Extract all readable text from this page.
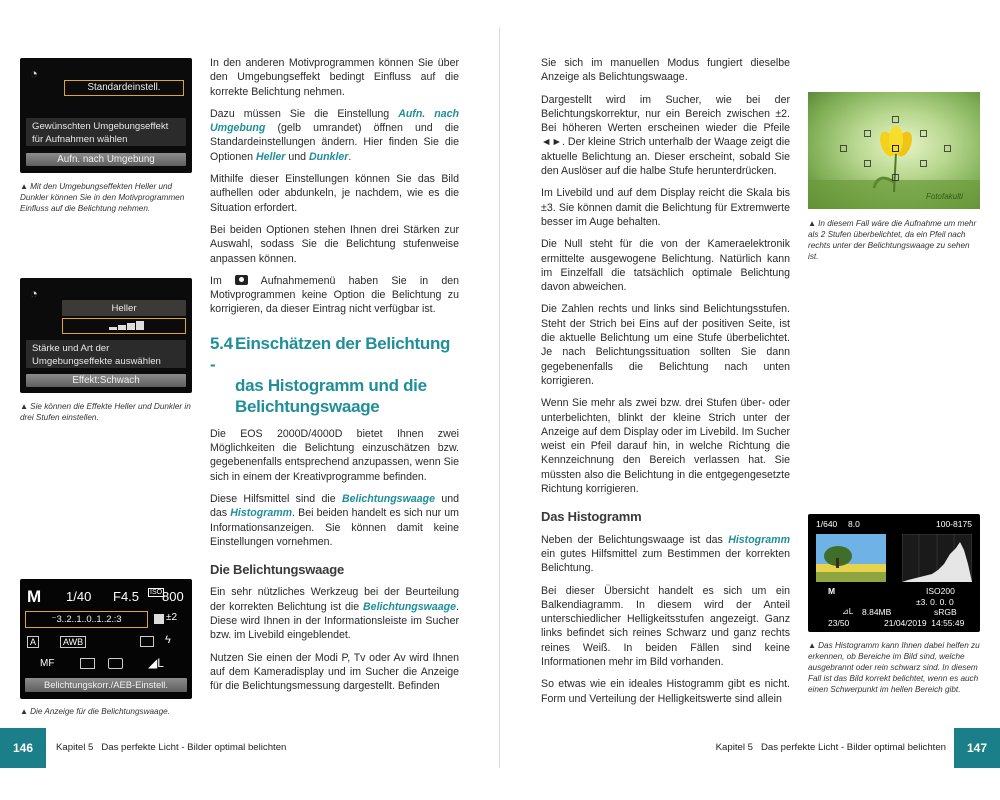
◔
Standardeinstell.
Gewünschten Umgebungseffekt für Aufnahmen wählen
Aufn. nach Umgebung
▲ Mit den Umgebungseffekten Heller und Dunkler können Sie in den Motivprogrammen Einfluss auf die Belichtung nehmen.
◔
Heller
Stärke und Art der Umgebungseffekte auswählen
Effekt:Schwach
▲ Sie können die Effekte Heller und Dunkler in drei Stufen einstellen.
M 1/40 F4.5 ISO 800
⁻3..2..1..0..1..2.:3	±2
A	AWB	ϟ
MF	◢L
Belichtungskorr./AEB-Einstell.
▲ Die Anzeige für die Belichtungswaage.

In den anderen Motivprogrammen können Sie über den Umgebungseffekt bedingt Einfluss auf die korrekte Belichtung nehmen.

Dazu müssen Sie die Einstellung Aufn. nach Umgebung (gelb umrandet) öffnen und die Standardeinstellungen ändern. Hier finden Sie die Optionen Heller und Dunkler.

Mithilfe dieser Einstellungen können Sie das Bild aufhellen oder abdunkeln, je nachdem, wie es die Situation erfordert.

Bei beiden Optionen stehen Ihnen drei Stärken zur Auswahl, sodass Sie die Belichtung stufenweise anpassen können.

Im
Aufnahmemenü haben Sie in den Motivprogrammen keine Option die Belichtung zu korrigieren, da dieser Eintrag nicht verfügbar ist.

5.4 Einschätzen der Belichtung -
das Histogramm und die
Belichtungswaage

Die EOS 2000D/4000D bietet Ihnen zwei Möglichkeiten die Belichtung einzuschätzen bzw. gegebenenfalls entsprechend anzupassen, wenn Sie sich in einem der Kreativprogramme befinden.

Diese Hilfsmittel sind die Belichtungswaage und das Histogramm. Bei beiden handelt es sich nur um Informationsanzeigen. Sie können damit keine Einstellungen vornehmen.

Die Belichtungswaage

Ein sehr nützliches Werkzeug bei der Beurteilung der korrekten Belichtung ist die Belichtungswaage. Diese wird Ihnen in der Informationsleiste im Sucher bzw. im Livebild eingeblendet.

Nutzen Sie einen der Modi P, Tv oder Av wird Ihnen auf dem Kameradisplay und im Sucher die Anzeige für die Belichtungsmessung dargestellt. Befinden

146	Kapitel 5   Das perfekte Licht - Bilder optimal belichten

Sie sich im manuellen Modus fungiert dieselbe Anzeige als Belichtungswaage.

Dargestellt wird im Sucher, wie bei der Belichtungskorrektur, nur ein Bereich zwischen ±2. Bei höheren Werten erscheinen wieder die Pfeile ◄►. Der kleine Strich unterhalb der Waage zeigt die aktuelle Belichtung an. Dieser erscheint, sobald Sie den Auslöser auf die halbe Stufe herunterdrücken.

Im Livebild und auf dem Display reicht die Skala bis ±3. Sie können damit die Belichtung für Extremwerte besser im Auge behalten.

Die Null steht für die von der Kameraelektronik ermittelte ausgewogene Belichtung. Natürlich kann im Einzelfall die tatsächlich optimale Belichtung davon abweichen.

Die Zahlen rechts und links sind Belichtungsstufen. Steht der Strich bei Eins auf der positiven Seite, ist die aktuelle Belichtung um eine Stufe überbelichtet. Je nach Belichtungssituation sollten Sie dann gegebenenfalls die Belichtung nach unten korrigieren.

Wenn Sie mehr als zwei bzw. drei Stufen über- oder unterbelichten, blinkt der kleine Strich unter der Anzeige auf dem Display oder im Livebild. Im Sucher weist ein Pfeil darauf hin, in welche Richtung die Kennzeichnung den Bereich verlassen hat. Sie müssten also die Belichtung in die entgegengesetzte Richtung korrigieren.

Das Histogramm

Neben der Belichtungswaage ist das Histogramm ein gutes Hilfsmittel zum Bestimmen der korrekten Belichtung.

Bei dieser Übersicht handelt es sich um ein Balkendiagramm. In diesem wird der Anteil unterschiedlicher Helligkeitsstufen angezeigt. Ganz links befindet sich reines Schwarz und ganz rechts reines Weiß. In beiden Fällen sind keine Informationen mehr im Bild vorhanden.

So etwas wie ein ideales Histogramm gibt es nicht. Form und Verteilung der Helligkeitswerte sind allein

Fotofakulti
▲ In diesem Fall wäre die Aufnahme um mehr als 2 Stufen überbelichtet, da ein Pfeil nach rechts unter der Belichtungswaage zu sehen ist.
1/640 8.0	100-8175
M	ISO200
±3. 0. 0. 0
⊿L 8.84MB	sRGB
23/50	21/04/2019  14:55:49
▲ Das Histogramm kann Ihnen dabei helfen zu erkennen, ob Bereiche im Bild sind, welche ausgebrannt oder rein schwarz sind. In diesem Fall ist das Bild korrekt belichtet, wenn es auch einen Schwerpunkt im hellen Bereich gibt.
Kapitel 5   Das perfekte Licht - Bilder optimal belichten	147
